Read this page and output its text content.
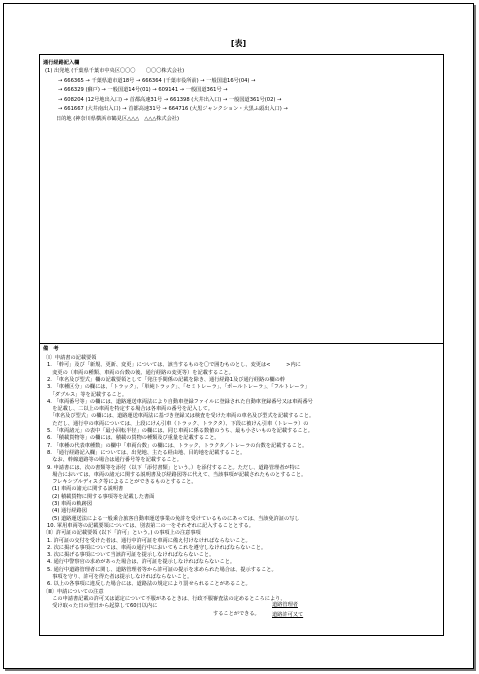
[表]
通行経路記入欄
(1) 出発地 (千葉県千葉市中央区〇〇〇　　〇〇〇株式会社)
→ 666365 → 千葉県道市道18号 → 666364 (千葉市役所前) → 一般国道16号(04) →
→ 666329 (蘇戸) → 一般国道14号(01) → 609141 → 一般国道361号 →
→ 608204 (12号地出入口) → 首都高速31号 → 661398 (大井出入口) → 一般国道361号(02) →
→ 661667 (大井南出入口) → 首都高速31号 → 664716 (大黒ジャンクション・大黒ふ頭出入口) →
日的地 (神奈川県横浜市鶴見区△△△　△△△株式会社)
備　考
〔Ⅰ〕申請書の記載要領
1. 「幹可」及び「新規、更新、変更」については、該当するものを〇で囲むものとし、変更は<　　　>内に
　変更の（車両の種類、車両の台数の後、通行経路の変更等）を記載すること。
2. 「車名及び型式」欄の記載要領として「発注手間係の記載を除き、通行経路1及び通行経路の欄の幹
3. 「車種区分」の欄には、「トラック」、「単純トラック」、「セミトレーラ」、「ポールトレーラ」、「フルトレーラ」
　「ダブルス」等を記載すること。
4. 「車両番号等」の欄には、道路運送車両法により自動車登録ファイルに登録された自動車登録番号又は車両番号
　を記載し、二以上の車両を特定する場合は各車両の番号を記入して。
　「車名及び型式」の欄には、道路運送車両法に基づき登録又は検査を受けた車両の車名及び型式を記載すること。
　ただし、通行中の車両については、上段にけん引車（トラック、トラクタ）、下段に被けん引車（トレーラ）の
5. 「車両諸元」の表中「最小回転半径」の欄には、同じ車両に係る数値のうち、最も小さいものを記載すること。
6. 「積載貨物等」の欄には、積載の貨物の種類及び重量を記載すること。
7. 「車種の代表車種数」の欄中「車両台数」の欄には、トラック、トラクタ／トレーラの台数を記載すること。
8. 「通行経路記入欄」については、出発地、主たる経由地、目的地を記載すること。
　なお、幹線道路等の場合は通行番号等を記載すること。
9. 申請書には、次の書類等を添付（以下「添付書類」という。）を添付すること。ただし、道路管理者が特に
　場合においては、車両の諸元に関する説明書及び経路図等に代えて、当該事項が記載されたものとすること。
　フレキシブルディスク等によることができるものとすること。
(1) 車両の諸元に関する説明書
(2) 積載貨物に関する事項等を記載した書面
(3) 車両の軌跡図
(4) 通行経路図
(5) 道路運送法による一般乗合旅客自動車運送事業の免許を受けているものにあっては、当該免許証の写し
10. 軍用車両等の記載要領については、別表第二の一をそれぞれに記入することとする。
〔Ⅱ〕許可証の記載要領 (以下「許可」という。) の事項上の注意事項
1. 許可証の交付を受けた者は、通行中許可証を車両に備え付けなければならないこと。
2. 次に掲げる事項については、車両の通行中においてもこれを遵守しなければならないこと。
3. 次に掲げる事項について当該許可証を提示しなければならないこと。
4. 通行中警察官の求めがあった場合は、許可証を提示しなければならないこと。
5. 通行中道路管理者に関し、道路管理者等から許可証の提示を求められた場合は、提示すること。
　事項を守り、許可を得た者は提示しなければならないこと。
6. 以上の各事項に違反した場合には、道路法の規定により罰せられることがあること。
〔Ⅲ〕申請についての注意
　この申請書記載の許可又は認定について不服があるときは、行政不服審査法の定めるところにより、
　受け取った日の翌日から起算して60日以内に
　　　　　　　　　　　　　　　　　　　　　　　　　　　　　　　　することができる。
道路管理者
道路許可又て
